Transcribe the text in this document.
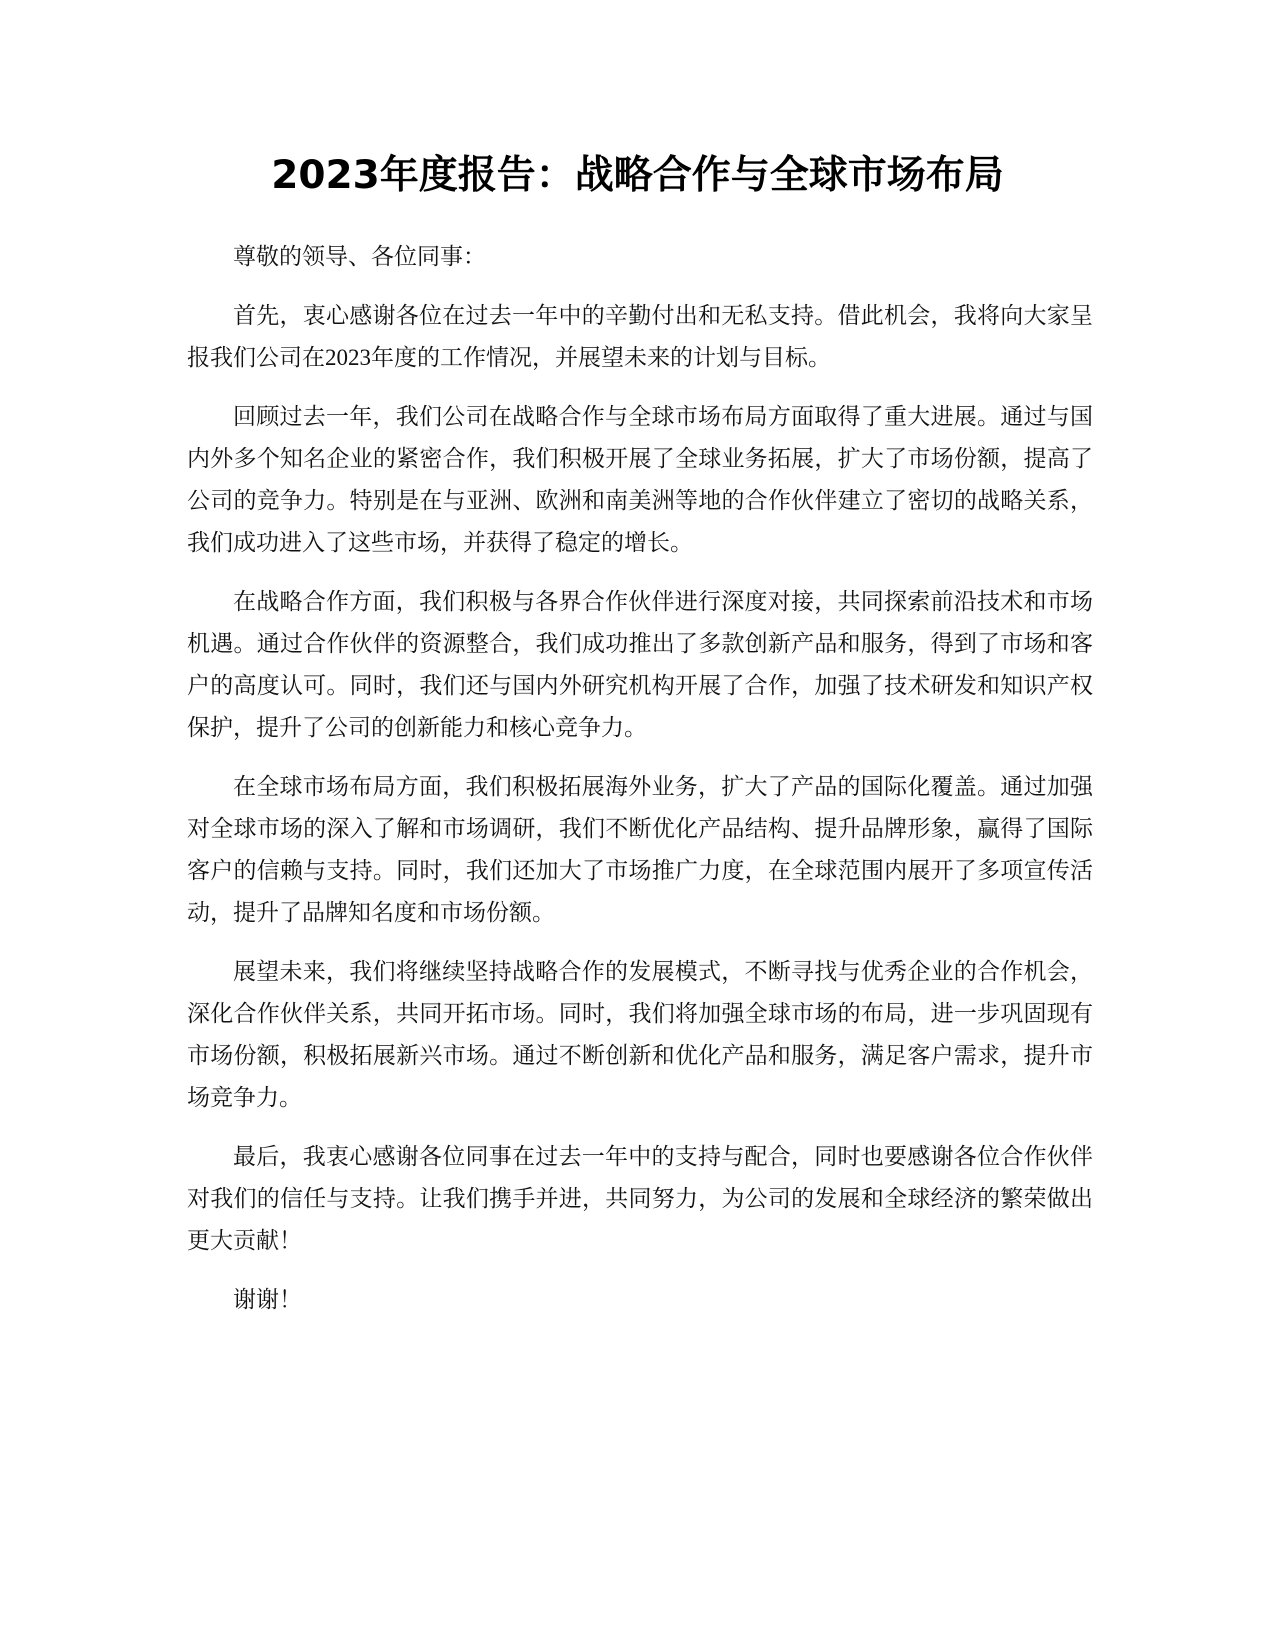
2023年度报告：战略合作与全球市场布局

尊敬的领导、各位同事：

首先，衷心感谢各位在过去一年中的辛勤付出和无私支持。借此机会，我将向大家呈报我们公司在2023年度的工作情况，并展望未来的计划与目标。

回顾过去一年，我们公司在战略合作与全球市场布局方面取得了重大进展。通过与国内外多个知名企业的紧密合作，我们积极开展了全球业务拓展，扩大了市场份额，提高了公司的竞争力。特别是在与亚洲、欧洲和南美洲等地的合作伙伴建立了密切的战略关系，我们成功进入了这些市场，并获得了稳定的增长。

在战略合作方面，我们积极与各界合作伙伴进行深度对接，共同探索前沿技术和市场机遇。通过合作伙伴的资源整合，我们成功推出了多款创新产品和服务，得到了市场和客户的高度认可。同时，我们还与国内外研究机构开展了合作，加强了技术研发和知识产权保护，提升了公司的创新能力和核心竞争力。

在全球市场布局方面，我们积极拓展海外业务，扩大了产品的国际化覆盖。通过加强对全球市场的深入了解和市场调研，我们不断优化产品结构、提升品牌形象，赢得了国际客户的信赖与支持。同时，我们还加大了市场推广力度，在全球范围内展开了多项宣传活动，提升了品牌知名度和市场份额。

展望未来，我们将继续坚持战略合作的发展模式，不断寻找与优秀企业的合作机会，深化合作伙伴关系，共同开拓市场。同时，我们将加强全球市场的布局，进一步巩固现有市场份额，积极拓展新兴市场。通过不断创新和优化产品和服务，满足客户需求，提升市场竞争力。

最后，我衷心感谢各位同事在过去一年中的支持与配合，同时也要感谢各位合作伙伴对我们的信任与支持。让我们携手并进，共同努力，为公司的发展和全球经济的繁荣做出更大贡献！

谢谢！
